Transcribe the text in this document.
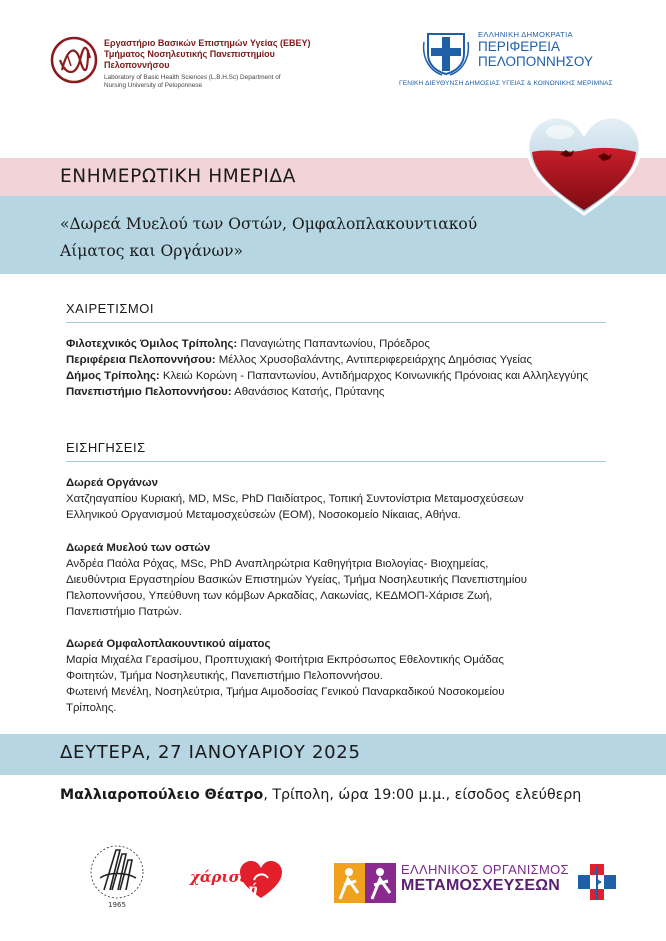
Εργαστήριο Βασικών Επιστημών Υγείας (ΕΒΕΥ)
Τμήματος Νοσηλευτικής Πανεπιστημίου
Πελοποννήσου
Laboratory of Basic Health Sciences (L.B.H.Sc) Department of
Nursing University of Peloponnese
ΕΛΛΗΝΙΚΗ ΔΗΜΟΚΡΑΤΙΑ
ΠΕΡΙΦΕΡΕΙΑ
ΠΕΛΟΠΟΝΝΗΣΟΥ
ΓΕΝΙΚΗ ΔΙΕΥΘΥΝΣΗ ΔΗΜΟΣΙΑΣ ΥΓΕΙΑΣ & ΚΟΙΝΩΝΙΚΗΣ ΜΕΡΙΜΝΑΣ
ΕΝΗΜΕΡΩΤΙΚΗ ΗΜΕΡΙΔΑ
«Δωρεά Μυελού των Οστών, Ομφαλοπλακουντιακού
Αίματος και Οργάνων»
ΧΑΙΡΕΤΙΣΜΟΙ

Φιλοτεχνικός Όμιλος Τρίπολης: Παναγιώτης Παπαντωνίου, Πρόεδρος

Περιφέρεια Πελοποννήσου: Μέλλος Χρυσοβαλάντης, Αντιπεριφερειάρχης Δημόσιας Υγείας

Δήμος Τρίπολης: Κλειώ Κορώνη - Παπαντωνίου, Αντιδήμαρχος Κοινωνικής Πρόνοιας και Αλληλεγγύης

Πανεπιστήμιο Πελοποννήσου: Αθανάσιος Κατσής, Πρύτανης

ΕΙΣΗΓΗΣΕΙΣ

Δωρεά Οργάνων

Χατζηαγαπίου Κυριακή, MD, MSc, PhD Παιδίατρος, Τοπική Συντονίστρια Μεταμοσχεύσεων

Ελληνικού Οργανισμού Μεταμοσχεύσεών (ΕΟΜ), Νοσοκομείο Νίκαιας, Αθήνα.

Δωρεά Μυελού των οστών

Ανδρέα Παόλα Ρόχας, MSc, PhD Αναπληρώτρια Καθηγήτρια Βιολογίας- Βιοχημείας,

Διευθύντρια Εργαστηρίου Βασικών Επιστημών Υγείας, Τμήμα Νοσηλευτικής Πανεπιστημίου

Πελοποννήσου, Υπεύθυνη των κόμβων Αρκαδίας, Λακωνίας, ΚΕΔΜΟΠ-Χάρισε Ζωή,

Πανεπιστήμιο Πατρών.

Δωρεά Ομφαλοπλακουντικού αίματος

Μαρία Μιχαέλα Γερασίμου, Προπτυχιακή Φοιτήτρια Εκπρόσωπος Εθελοντικής Ομάδας

Φοιτητών, Τμήμα Νοσηλευτικής, Πανεπιστήμιο Πελοποννήσου.

Φωτεινή Μενέλη, Νοσηλεύτρια, Τμήμα Αιμοδοσίας Γενικού Παναρκαδικού Νοσοκομείου

Τρίπολης.

ΔΕΥΤΕΡΑ, 27 ΙΑΝΟΥΑΡΙΟΥ 2025
Μαλλιαροπούλειο Θέατρο, Τρίπολη, ώρα 19:00 μ.μ., είσοδος ελεύθερη
1965
χάρισε
ζωή
ΕΛΛΗΝΙΚΟΣ ΟΡΓΑΝΙΣΜΟΣ
ΜΕΤΑΜΟΣΧΕΥΣΕΩΝ
